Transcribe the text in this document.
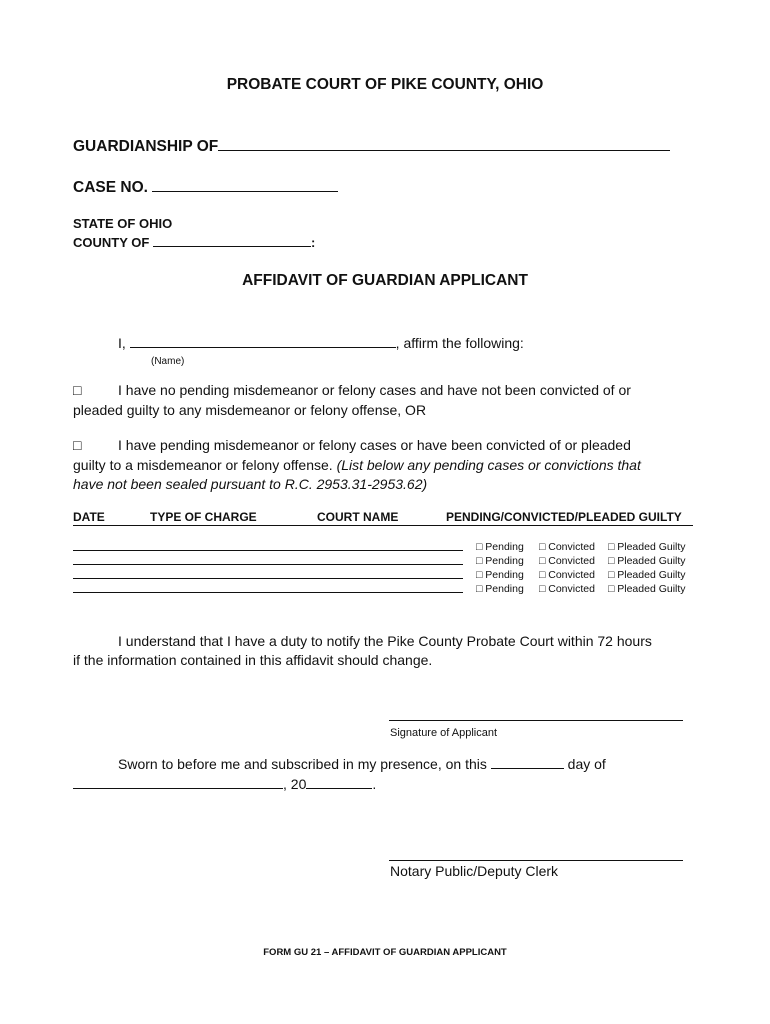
PROBATE COURT OF PIKE COUNTY, OHIO
GUARDIANSHIP OF
CASE NO.
STATE OF OHIO
COUNTY OF	:
AFFIDAVIT OF GUARDIAN APPLICANT
I,	, affirm the following:
(Name)
□	I have no pending misdemeanor or felony cases and have not been convicted of or
pleaded guilty to any misdemeanor or felony offense, OR
□	I have pending misdemeanor or felony cases or have been convicted of or pleaded
guilty to a misdemeanor or felony offense. (List below any pending cases or convictions that
have not been sealed pursuant to R.C. 2953.31-2953.62)
DATE	TYPE OF CHARGE	COURT NAME	PENDING/CONVICTED/PLEADED GUILTY
□ Pending □ Convicted □ Pleaded Guilty
□ Pending □ Convicted □ Pleaded Guilty
□ Pending □ Convicted □ Pleaded Guilty
□ Pending □ Convicted □ Pleaded Guilty
I understand that I have a duty to notify the Pike County Probate Court within 72 hours
if the information contained in this affidavit should change.
Signature of Applicant
Sworn to before me and subscribed in my presence, on this	day of
, 20	.
Notary Public/Deputy Clerk
FORM GU 21 – AFFIDAVIT OF GUARDIAN APPLICANT
